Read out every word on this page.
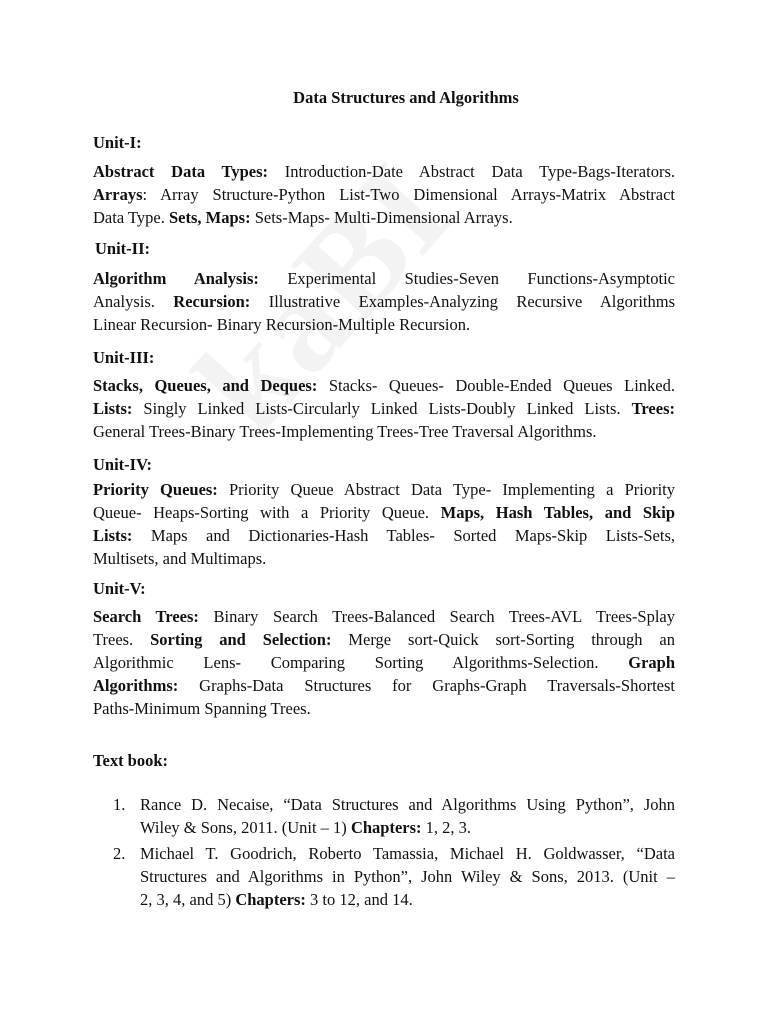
Data Structures and Algorithms
Unit-I:
Abstract Data Types: Introduction-Date Abstract Data Type-Bags-Iterators.
Arrays: Array Structure-Python List-Two Dimensional Arrays-Matrix Abstract
Data Type. Sets, Maps: Sets-Maps- Multi-Dimensional Arrays.
Unit-II:
Algorithm Analysis: Experimental Studies-Seven Functions-Asymptotic
Analysis. Recursion: Illustrative Examples-Analyzing Recursive Algorithms
Linear Recursion- Binary Recursion-Multiple Recursion.
Unit-III:
Stacks, Queues, and Deques: Stacks- Queues- Double-Ended Queues Linked.
Lists: Singly Linked Lists-Circularly Linked Lists-Doubly Linked Lists. Trees:
General Trees-Binary Trees-Implementing Trees-Tree Traversal Algorithms.
Unit-IV:
Priority Queues: Priority Queue Abstract Data Type- Implementing a Priority
Queue- Heaps-Sorting with a Priority Queue. Maps, Hash Tables, and Skip
Lists: Maps and Dictionaries-Hash Tables- Sorted Maps-Skip Lists-Sets,
Multisets, and Multimaps.
Unit-V:
Search Trees: Binary Search Trees-Balanced Search Trees-AVL Trees-Splay
Trees. Sorting and Selection: Merge sort-Quick sort-Sorting through an
Algorithmic Lens- Comparing Sorting Algorithms-Selection. Graph
Algorithms: Graphs-Data Structures for Graphs-Graph Traversals-Shortest
Paths-Minimum Spanning Trees.
Text book:
1. Rance D. Necaise, “Data Structures and Algorithms Using Python”, John
Wiley & Sons, 2011. (Unit – 1) Chapters: 1, 2, 3.
2. Michael T. Goodrich, Roberto Tamassia, Michael H. Goldwasser, “Data
Structures and Algorithms in Python”, John Wiley & Sons, 2013. (Unit –
2, 3, 4, and 5) Chapters: 3 to 12, and 14.
